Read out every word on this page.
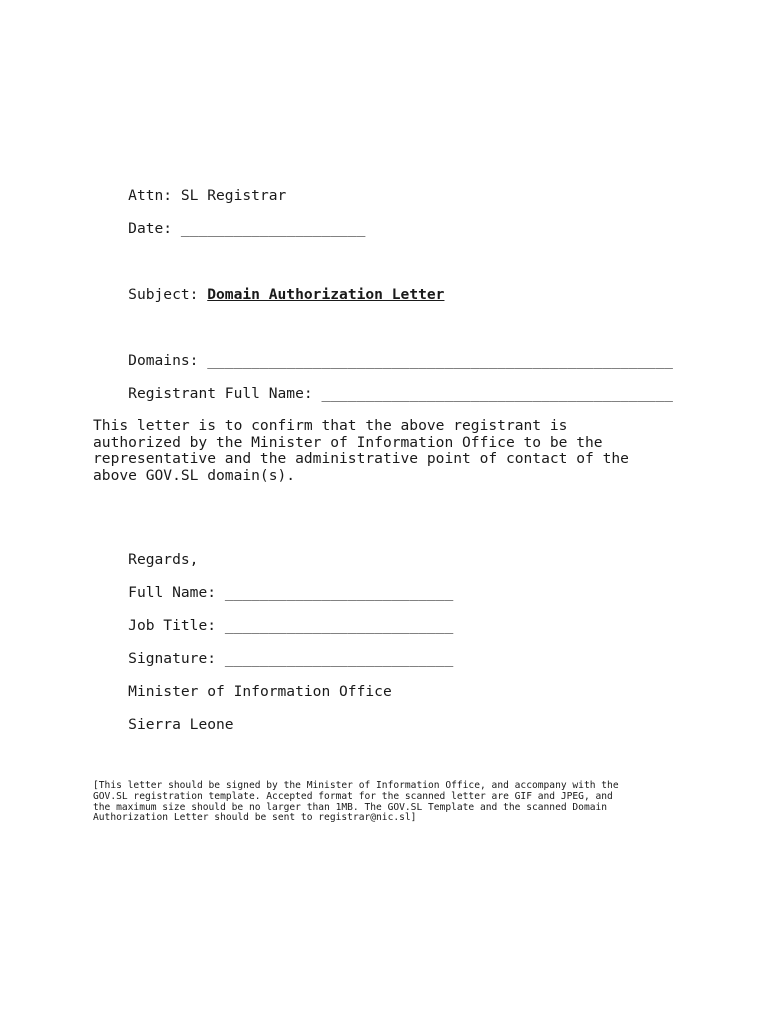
Attn: SL Registrar

Date: _____________________

Subject: Domain Authorization Letter

Domains: _____________________________________________________

Registrant Full Name: ________________________________________

This letter is to confirm that the above registrant is
authorized by the Minister of Information Office to be the
representative and the administrative point of contact of the
above GOV.SL domain(s).

Regards,

Full Name: __________________________

Job Title: __________________________

Signature: __________________________

Minister of Information Office

Sierra Leone

[This letter should be signed by the Minister of Information Office, and accompany with the
GOV.SL registration template. Accepted format for the scanned letter are GIF and JPEG, and
the maximum size should be no larger than 1MB. The GOV.SL Template and the scanned Domain
Authorization Letter should be sent to registrar@nic.sl]
